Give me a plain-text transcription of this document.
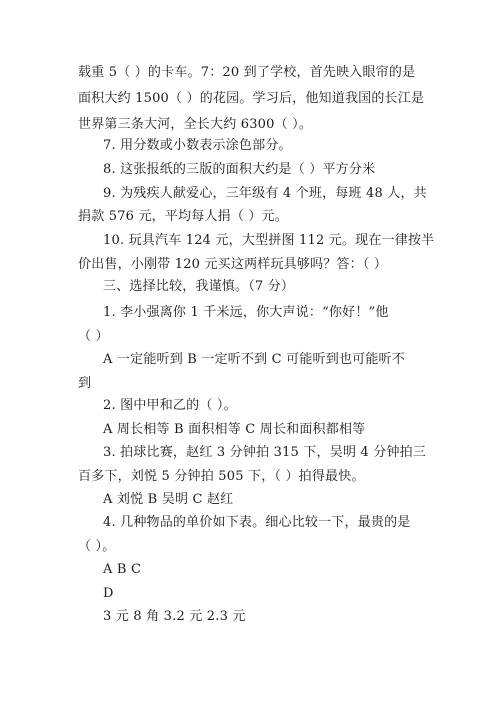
载重 5（ ）的卡车。7：20 到了学校，首先映入眼帘的是
面积大约 1500（ ）的花园。学习后，他知道我国的长江是
世界第三条大河，全长大约 6300（ ）。
7. 用分数或小数表示涂色部分。
8. 这张报纸的三版的面积大约是（ ）平方分米
9. 为残疾人献爱心，三年级有 4 个班，每班 48 人，共
捐款 576 元，平均每人捐（ ）元。
10. 玩具汽车 124 元，大型拼图 112 元。现在一律按半
价出售，小刚带 120 元买这两样玩具够吗？答：（ ）
三、选择比较，我谨慎。（7 分）
1. 李小强离你 1 千米远，你大声说：“你好！”他
（ ）
A 一定能听到 B 一定听不到 C 可能听到也可能听不
到
2. 图中甲和乙的（ ）。
A 周长相等 B 面积相等 C 周长和面积都相等
3. 拍球比赛，赵红 3 分钟拍 315 下，吴明 4 分钟拍三
百多下，刘悦 5 分钟拍 505 下，（ ）拍得最快。
A 刘悦 B 吴明 C 赵红
4. 几种物品的单价如下表。细心比较一下，最贵的是
（ ）。
A B C
D
3 元 8 角 3.2 元 2.3 元
